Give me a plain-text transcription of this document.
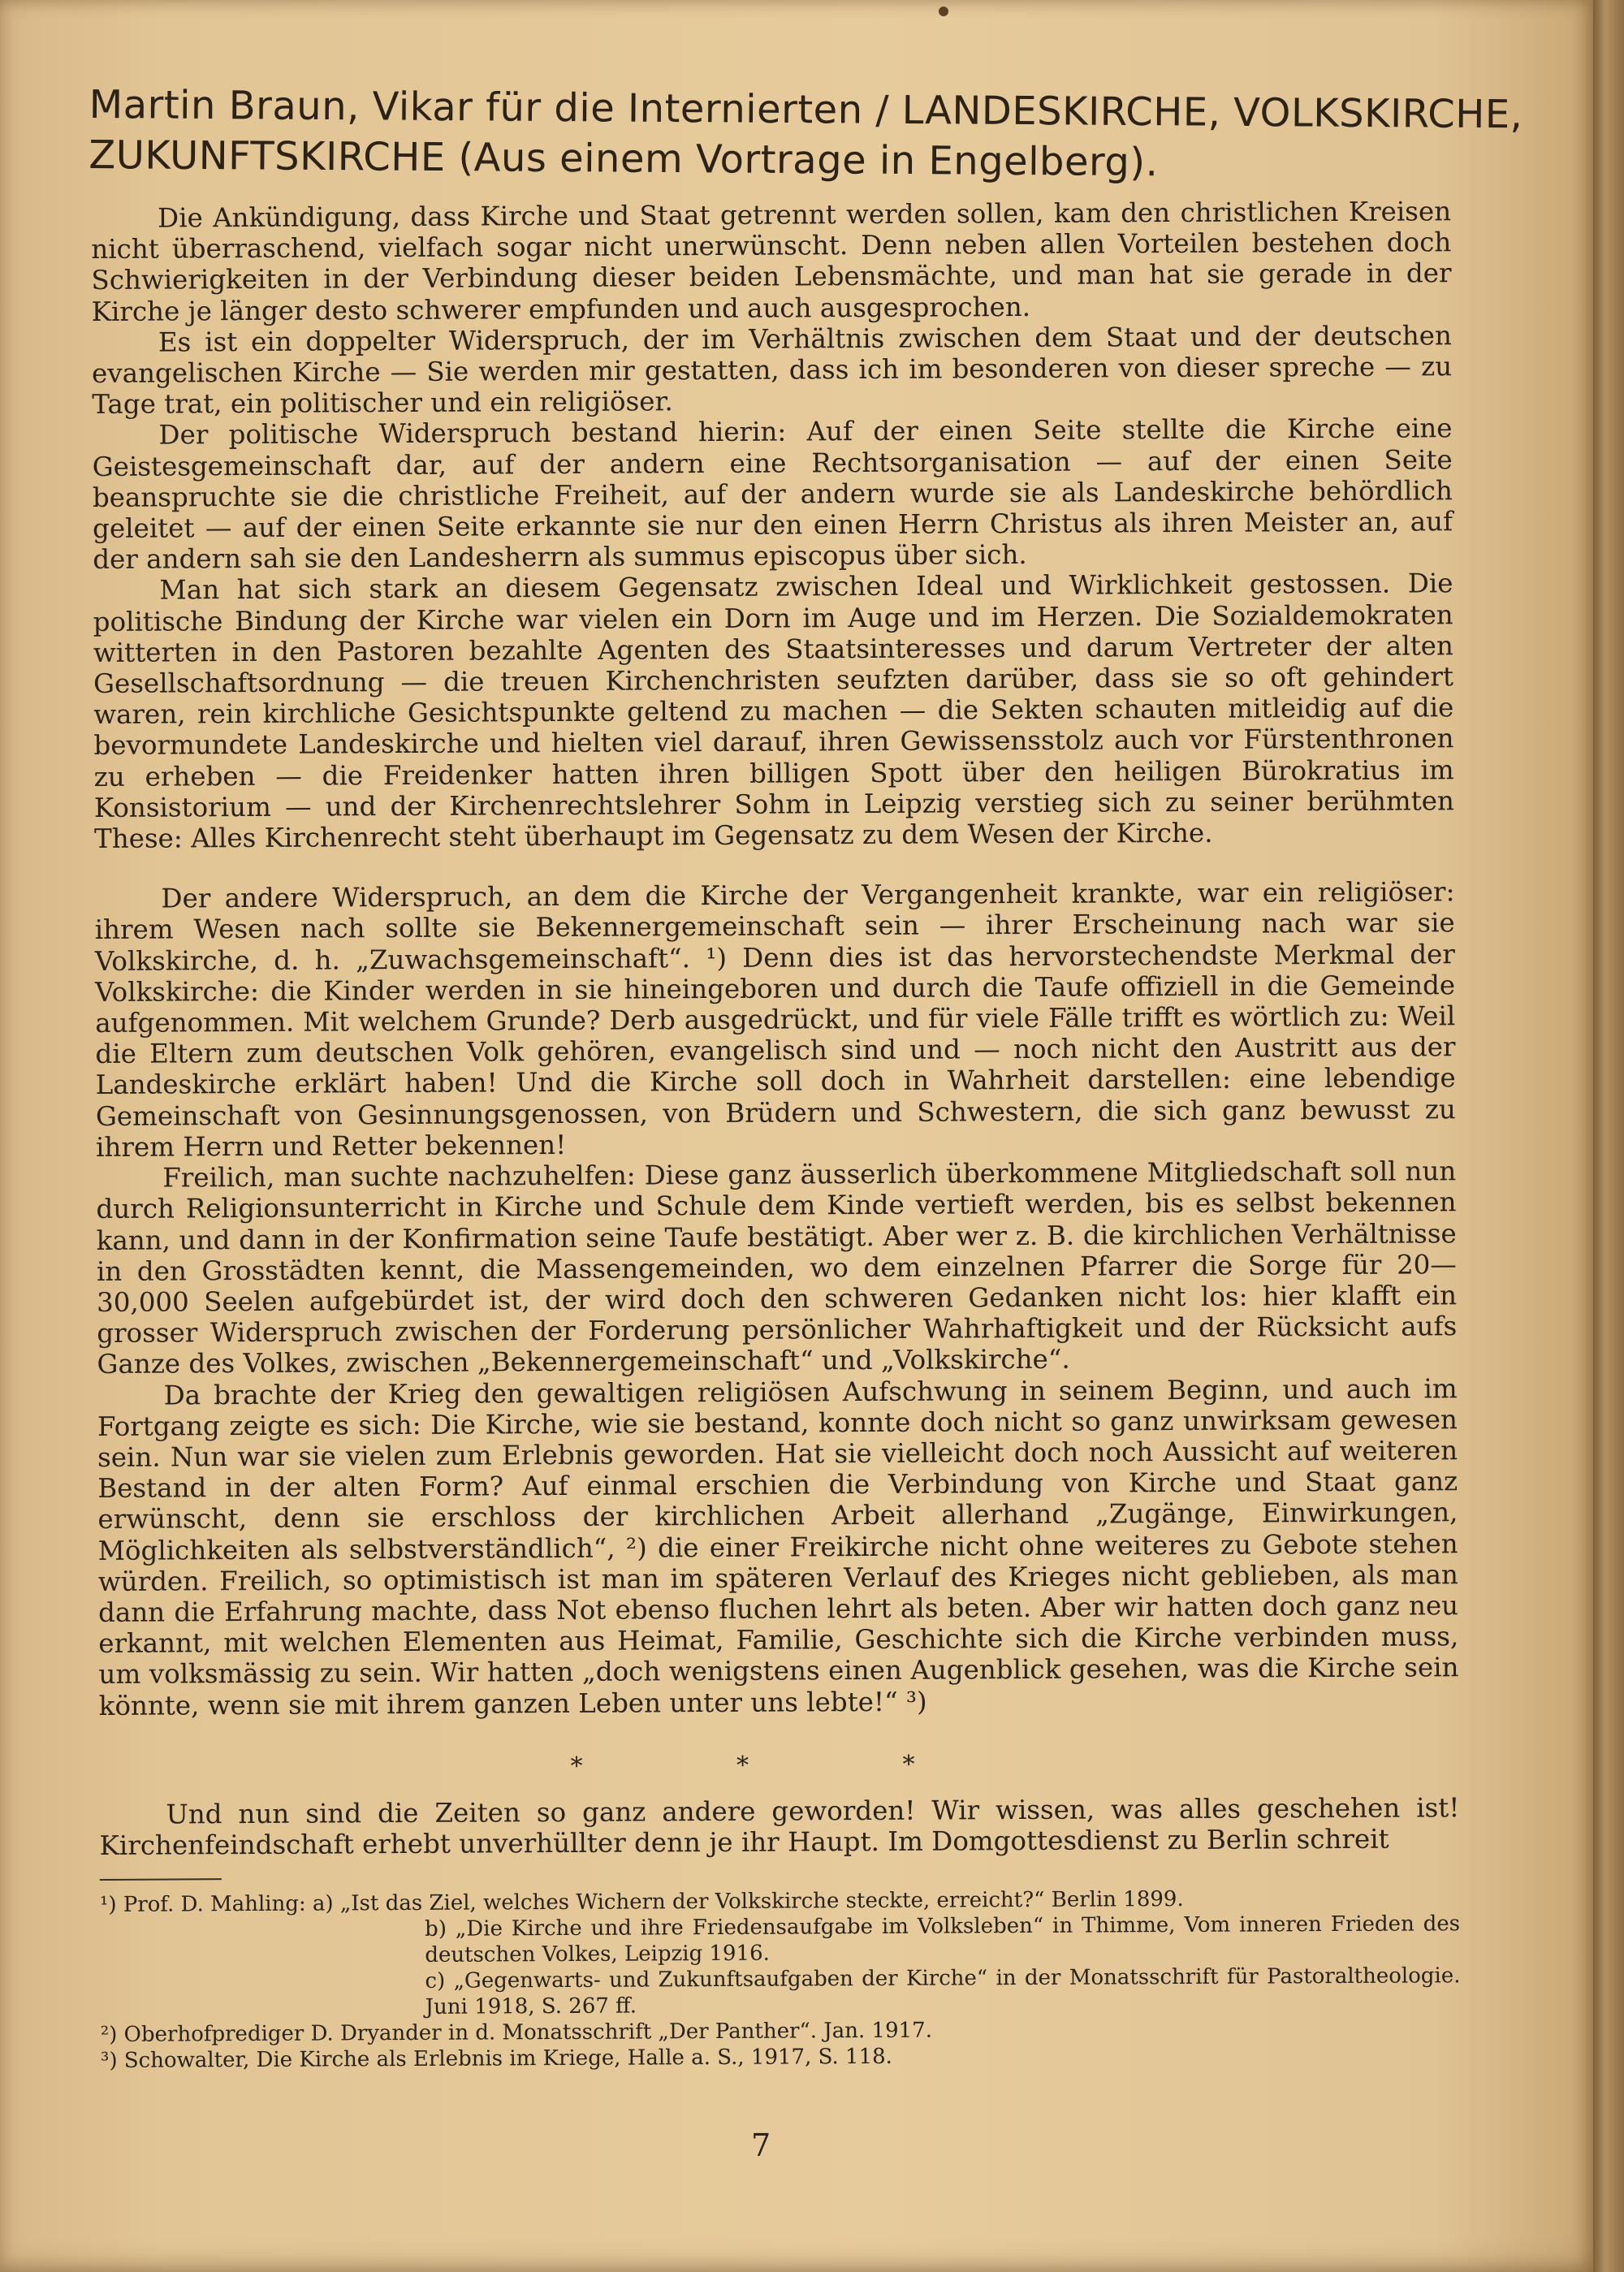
Martin Braun, Vikar für die Internierten / LANDESKIRCHE, VOLKSKIRCHE,
ZUKUNFTSKIRCHE (Aus einem Vortrage in Engelberg).

Die Ankündigung, dass Kirche und Staat getrennt werden sollen, kam den christlichen Kreisen nicht überraschend, vielfach sogar nicht unerwünscht. Denn neben allen Vorteilen bestehen doch Schwierigkeiten in der Verbindung dieser beiden Lebensmächte, und man hat sie gerade in der Kirche je länger desto schwerer empfunden und auch ausgesprochen.

Es ist ein doppelter Widerspruch, der im Verhältnis zwischen dem Staat und der deutschen evangelischen Kirche — Sie werden mir gestatten, dass ich im besonderen von dieser spreche — zu Tage trat, ein politischer und ein religiöser.

Der politische Widerspruch bestand hierin: Auf der einen Seite stellte die Kirche eine Geistesgemeinschaft dar, auf der andern eine Rechtsorganisation — auf der einen Seite beanspruchte sie die christliche Freiheit, auf der andern wurde sie als Landeskirche behördlich geleitet — auf der einen Seite erkannte sie nur den einen Herrn Christus als ihren Meister an, auf der andern sah sie den Landesherrn als summus episcopus über sich.

Man hat sich stark an diesem Gegensatz zwischen Ideal und Wirklichkeit gestossen. Die politische Bindung der Kirche war vielen ein Dorn im Auge und im Herzen. Die Sozialdemokraten witterten in den Pastoren bezahlte Agenten des Staatsinteresses und darum Vertreter der alten Gesellschaftsordnung — die treuen Kirchenchristen seufzten darüber, dass sie so oft gehindert waren, rein kirchliche Gesichtspunkte geltend zu machen — die Sekten schauten mitleidig auf die bevormundete Landeskirche und hielten viel darauf, ihren Gewissensstolz auch vor Fürstenthronen zu erheben — die Freidenker hatten ihren billigen Spott über den heiligen Bürokratius im Konsistorium — und der Kirchenrechtslehrer Sohm in Leipzig verstieg sich zu seiner berühmten These: Alles Kirchenrecht steht überhaupt im Gegensatz zu dem Wesen der Kirche.

Der andere Widerspruch, an dem die Kirche der Vergangenheit krankte, war ein religiöser: ihrem Wesen nach sollte sie Bekennergemeinschaft sein — ihrer Erscheinung nach war sie Volkskirche, d. h. „Zuwachsgemeinschaft“. ¹) Denn dies ist das hervorstechendste Merkmal der Volkskirche: die Kinder werden in sie hineingeboren und durch die Taufe offiziell in die Gemeinde aufgenommen. Mit welchem Grunde? Derb ausgedrückt, und für viele Fälle trifft es wörtlich zu: Weil die Eltern zum deutschen Volk gehören, evangelisch sind und — noch nicht den Austritt aus der Landeskirche erklärt haben! Und die Kirche soll doch in Wahrheit darstellen: eine lebendige Gemeinschaft von Gesinnungsgenossen, von Brüdern und Schwestern, die sich ganz bewusst zu ihrem Herrn und Retter bekennen!

Freilich, man suchte nachzuhelfen: Diese ganz äusserlich überkommene Mitgliedschaft soll nun durch Religionsunterricht in Kirche und Schule dem Kinde vertieft werden, bis es selbst bekennen kann, und dann in der Konfirmation seine Taufe bestätigt. Aber wer z. B. die kirchlichen Verhältnisse in den Grosstädten kennt, die Massengemeinden, wo dem einzelnen Pfarrer die Sorge für 20—30,000 Seelen aufgebürdet ist, der wird doch den schweren Gedanken nicht los: hier klafft ein grosser Widerspruch zwischen der Forderung persönlicher Wahrhaftigkeit und der Rücksicht aufs Ganze des Volkes, zwischen „Bekennergemeinschaft“ und „Volkskirche“.

Da brachte der Krieg den gewaltigen religiösen Aufschwung in seinem Beginn, und auch im Fortgang zeigte es sich: Die Kirche, wie sie bestand, konnte doch nicht so ganz unwirksam gewesen sein. Nun war sie vielen zum Erlebnis geworden. Hat sie vielleicht doch noch Aussicht auf weiteren Bestand in der alten Form? Auf einmal erschien die Verbindung von Kirche und Staat ganz erwünscht, denn sie erschloss der kirchlichen Arbeit allerhand „Zugänge, Einwirkungen, Möglichkeiten als selbstverständlich“, ²) die einer Freikirche nicht ohne weiteres zu Gebote stehen würden. Freilich, so optimistisch ist man im späteren Verlauf des Krieges nicht geblieben, als man dann die Erfahrung machte, dass Not ebenso fluchen lehrt als beten. Aber wir hatten doch ganz neu erkannt, mit welchen Elementen aus Heimat, Familie, Geschichte sich die Kirche verbinden muss, um volksmässig zu sein. Wir hatten „doch wenigstens einen Augenblick gesehen, was die Kirche sein könnte, wenn sie mit ihrem ganzen Leben unter uns lebte!“ ³)

* * *

Und nun sind die Zeiten so ganz andere geworden! Wir wissen, was alles geschehen ist! Kirchenfeindschaft erhebt unverhüllter denn je ihr Haupt. Im Domgottesdienst zu Berlin schreit

¹) Prof. D. Mahling: a) „Ist das Ziel, welches Wichern der Volkskirche steckte, erreicht?“ Berlin 1899.
b) „Die Kirche und ihre Friedensaufgabe im Volksleben“ in Thimme, Vom inneren Frieden des deutschen Volkes, Leipzig 1916.
c) „Gegenwarts- und Zukunftsaufgaben der Kirche“ in der Monatsschrift für Pastoraltheologie. Juni 1918, S. 267 ff.
²) Oberhofprediger D. Dryander in d. Monatsschrift „Der Panther“. Jan. 1917.
³) Schowalter, Die Kirche als Erlebnis im Kriege, Halle a. S., 1917, S. 118.
7
